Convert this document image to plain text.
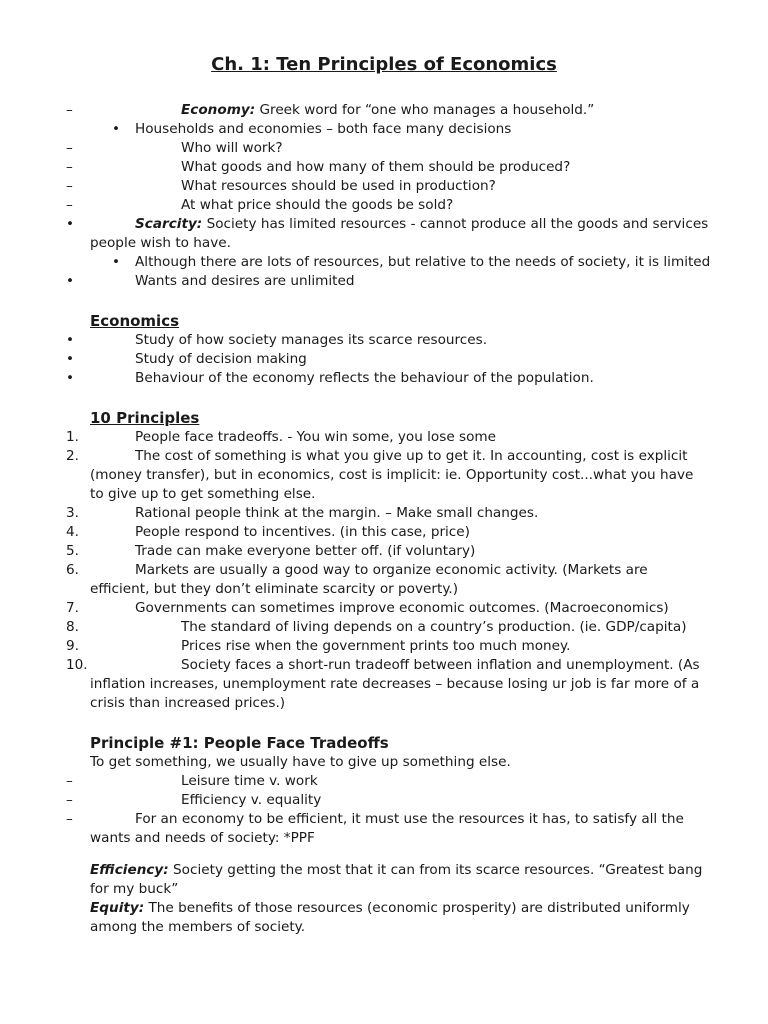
Ch. 1: Ten Principles of Economics
–	Economy: Greek word for “one who manages a household.”
• Households and economies – both face many decisions
–	Who will work?
–	What goods and how many of them should be produced?
–	What resources should be used in production?
–	At what price should the goods be sold?
•	Scarcity: Society has limited resources - cannot produce all the goods and services
people wish to have.
• Although there are lots of resources, but relative to the needs of society, it is limited
•	Wants and desires are unlimited
Economics
•	Study of how society manages its scarce resources.
•	Study of decision making
•	Behaviour of the economy reflects the behaviour of the population.
10 Principles
1.	People face tradeoffs. - You win some, you lose some
2.	The cost of something is what you give up to get it. In accounting, cost is explicit
(money transfer), but in economics, cost is implicit: ie. Opportunity cost...what you have
to give up to get something else.
3.	Rational people think at the margin. – Make small changes.
4.	People respond to incentives. (in this case, price)
5.	Trade can make everyone better off. (if voluntary)
6.	Markets are usually a good way to organize economic activity. (Markets are
efficient, but they don’t eliminate scarcity or poverty.)
7.	Governments can sometimes improve economic outcomes. (Macroeconomics)
8.	The standard of living depends on a country’s production. (ie. GDP/capita)
9.	Prices rise when the government prints too much money.
10.	Society faces a short-run tradeoff between inflation and unemployment. (As
inflation increases, unemployment rate decreases – because losing ur job is far more of a
crisis than increased prices.)
Principle #1: People Face Tradeoffs
To get something, we usually have to give up something else.
–	Leisure time v. work
–	Efficiency v. equality
–	For an economy to be efficient, it must use the resources it has, to satisfy all the
wants and needs of society: *PPF
Efficiency: Society getting the most that it can from its scarce resources. “Greatest bang
for my buck”
Equity: The benefits of those resources (economic prosperity) are distributed uniformly
among the members of society.
